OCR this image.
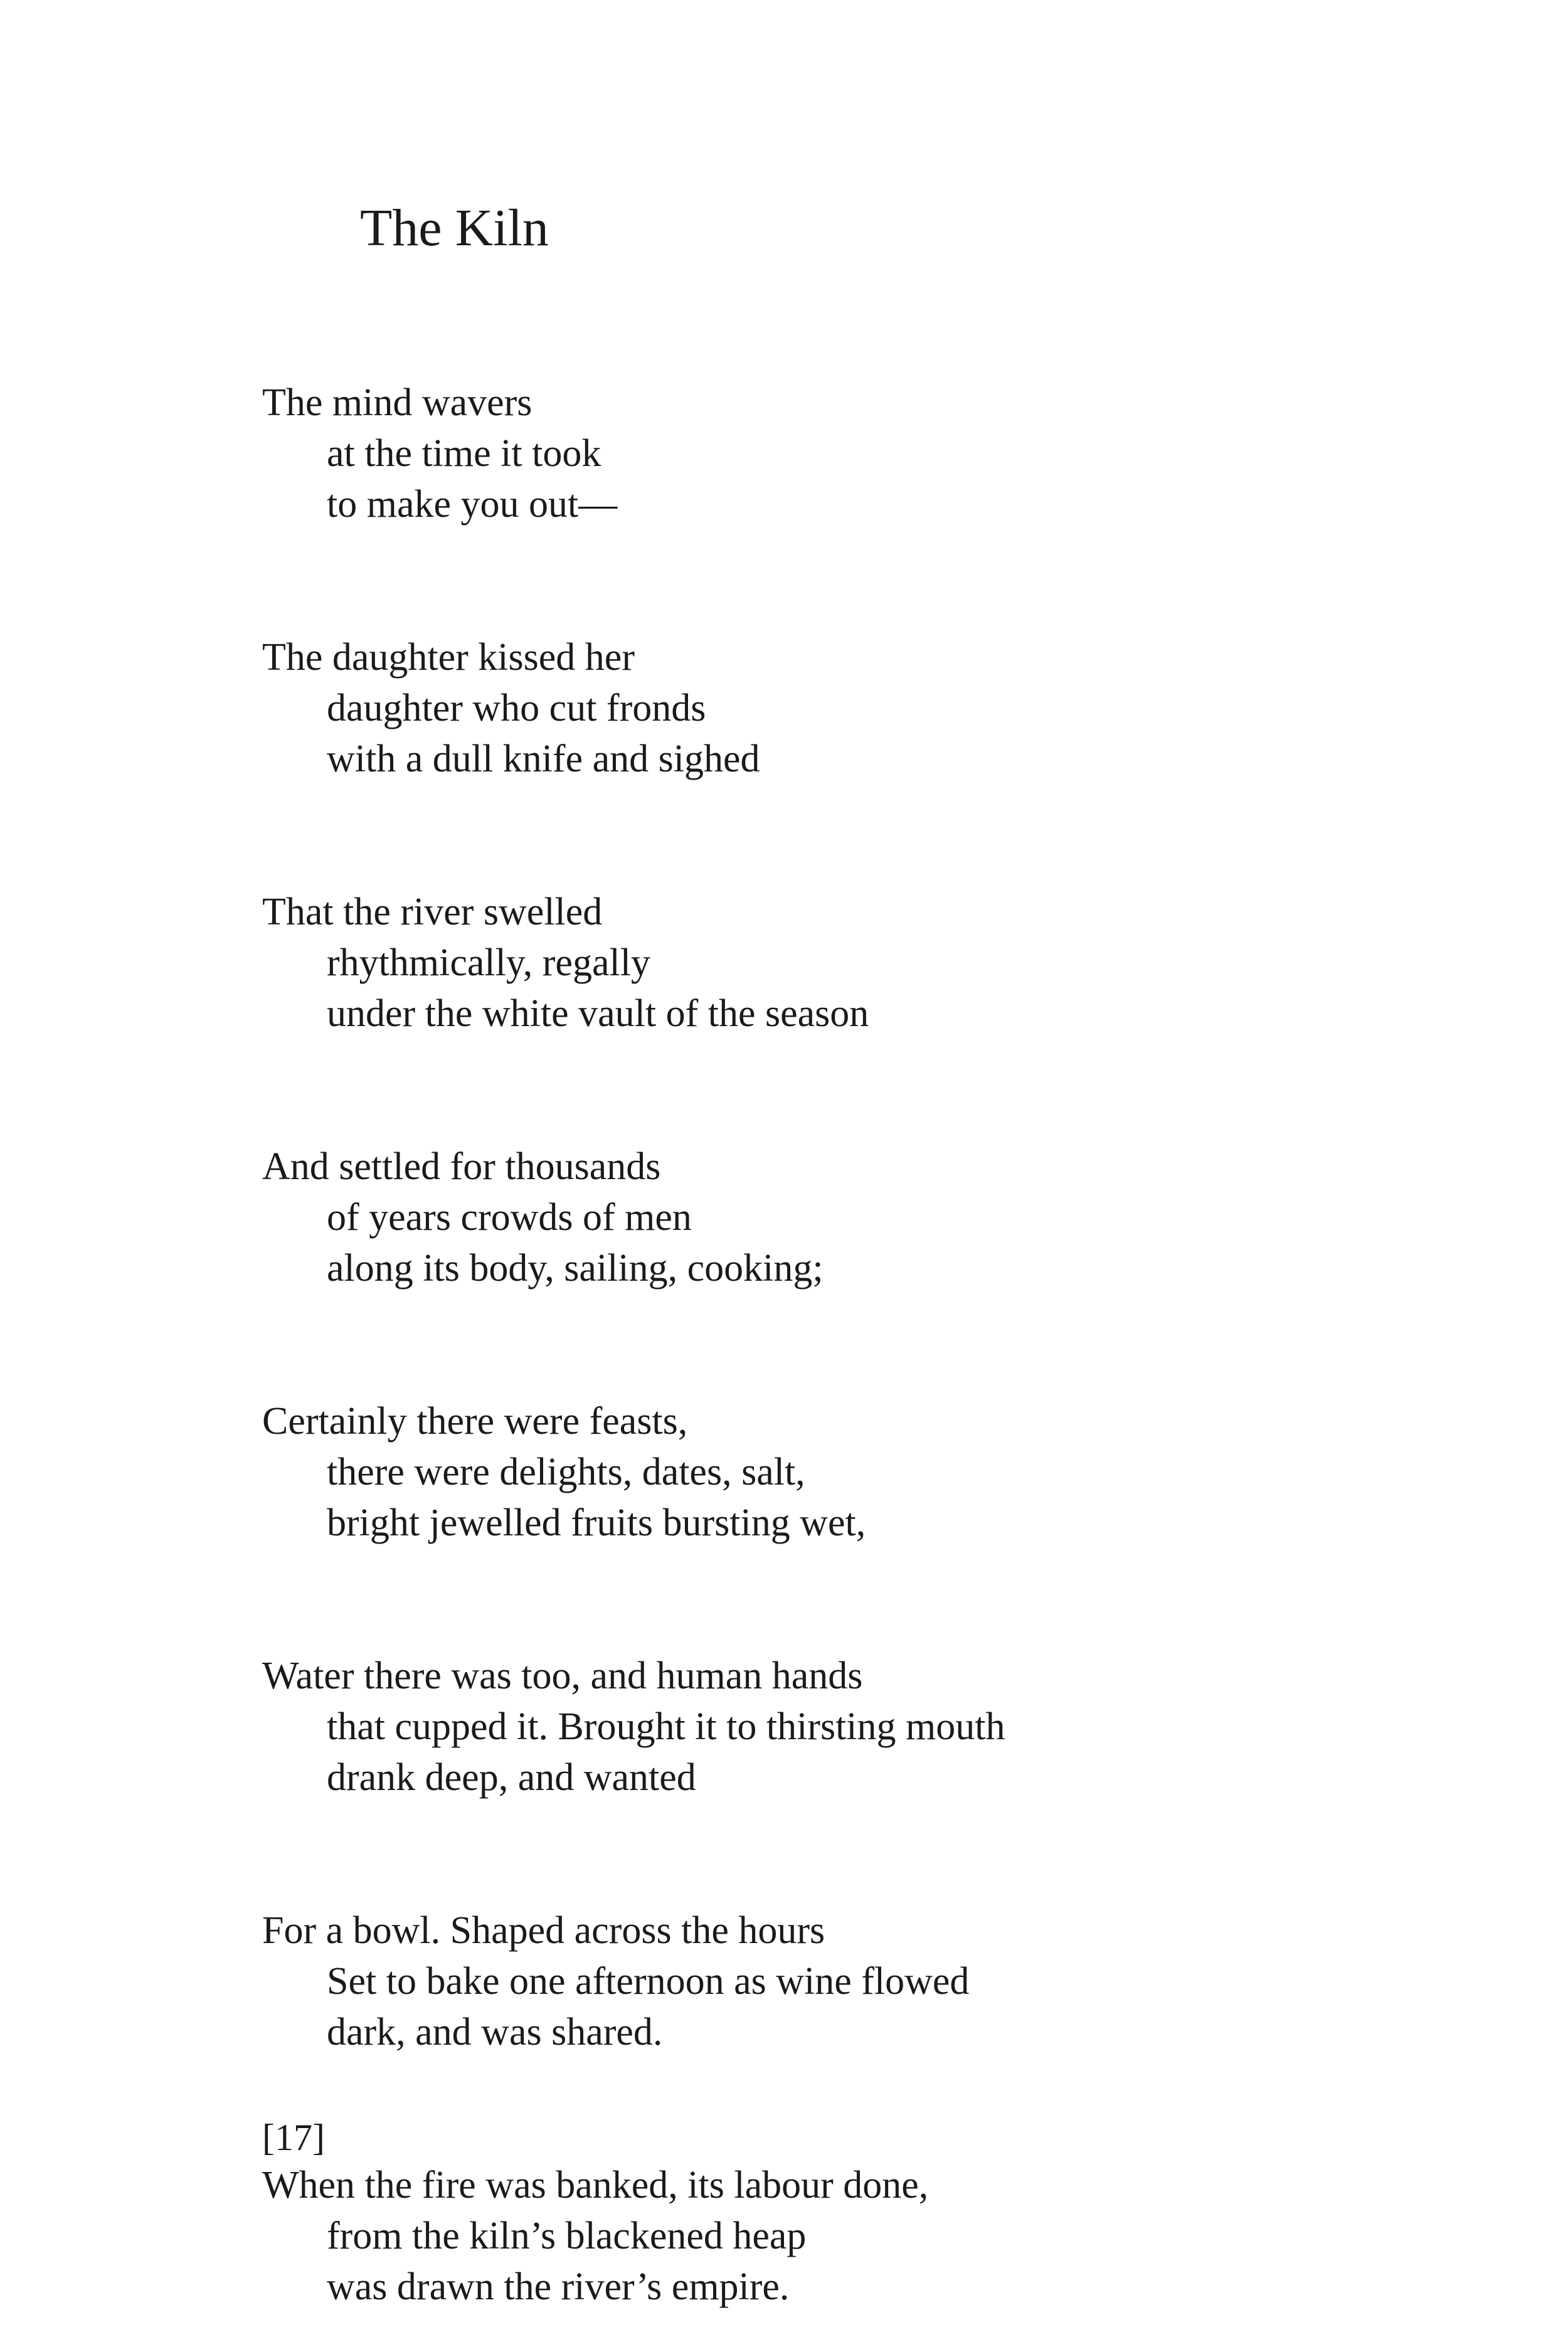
The Kiln

The mind wavers
at the time it took
to make you out—

The daughter kissed her
daughter who cut fronds
with a dull knife and sighed

That the river swelled
rhythmically, regally
under the white vault of the season

And settled for thousands
of years crowds of men
along its body, sailing, cooking;

Certainly there were feasts,
there were delights, dates, salt,
bright jewelled fruits bursting wet,

Water there was too, and human hands
that cupped it. Brought it to thirsting mouth
drank deep, and wanted

For a bowl. Shaped across the hours
Set to bake one afternoon as wine flowed
dark, and was shared.

When the fire was banked, its labour done,
from the kiln’s blackened heap
was drawn the river’s empire.

[17]
